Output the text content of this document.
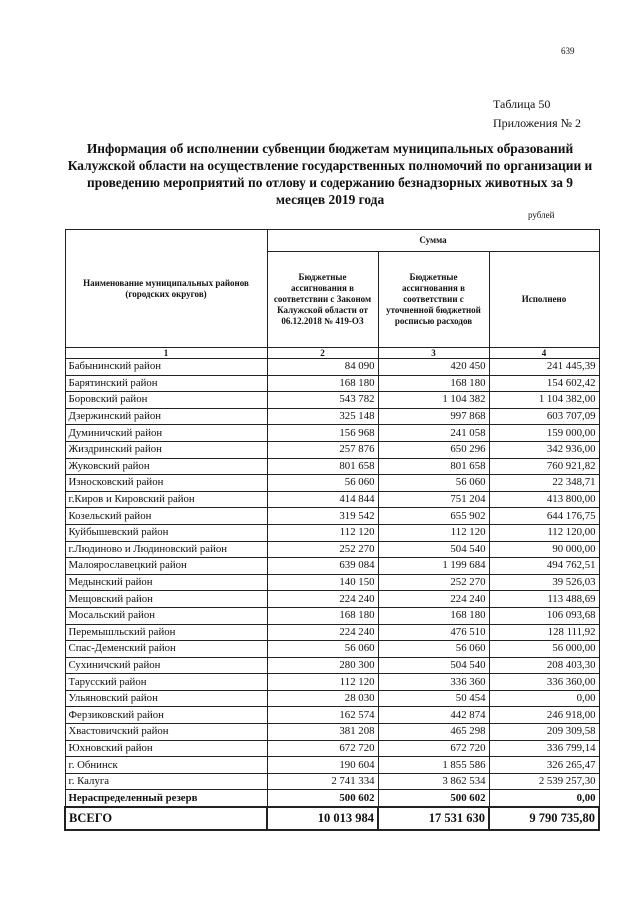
639
Таблица 50
Приложения № 2
Информация об исполнении субвенции бюджетам муниципальных образований Калужской области на осуществление государственных полномочий по организации и проведению мероприятий по отлову и содержанию безнадзорных животных за 9 месяцев 2019 года
рублей
Наименование муниципальных районов (городских округов)	Сумма		
	Бюджетные ассигнования в соответствии с Законом Калужской области от 06.12.2018 № 419-ОЗ	Бюджетные ассигнования в соответствии с уточненной бюджетной росписью расходов	Исполнено
1	2	3	4
Бабынинский район	84 090	420 450	241 445,39
Барятинский район	168 180	168 180	154 602,42
Боровский район	543 782	1 104 382	1 104 382,00
Дзержинский район	325 148	997 868	603 707,09
Думиничский район	156 968	241 058	159 000,00
Жиздринский район	257 876	650 296	342 936,00
Жуковский район	801 658	801 658	760 921,82
Износковский район	56 060	56 060	22 348,71
г.Киров и Кировский район	414 844	751 204	413 800,00
Козельский район	319 542	655 902	644 176,75
Куйбышевский район	112 120	112 120	112 120,00
г.Людиново и Людиновский район	252 270	504 540	90 000,00
Малоярославецкий район	639 084	1 199 684	494 762,51
Медынский район	140 150	252 270	39 526,03
Мещовский район	224 240	224 240	113 488,69
Мосальский район	168 180	168 180	106 093,68
Перемышльский район	224 240	476 510	128 111,92
Спас-Деменский район	56 060	56 060	56 000,00
Сухиничский район	280 300	504 540	208 403,30
Тарусский район	112 120	336 360	336 360,00
Ульяновский район	28 030	50 454	0,00
Ферзиковский район	162 574	442 874	246 918,00
Хвастовичский район	381 208	465 298	209 309,58
Юхновский район	672 720	672 720	336 799,14
г. Обнинск	190 604	1 855 586	326 265,47
г. Калуга	2 741 334	3 862 534	2 539 257,30
Нераспределенный резерв	500 602	500 602	0,00
ВСЕГО	10 013 984	17 531 630	9 790 735,80
